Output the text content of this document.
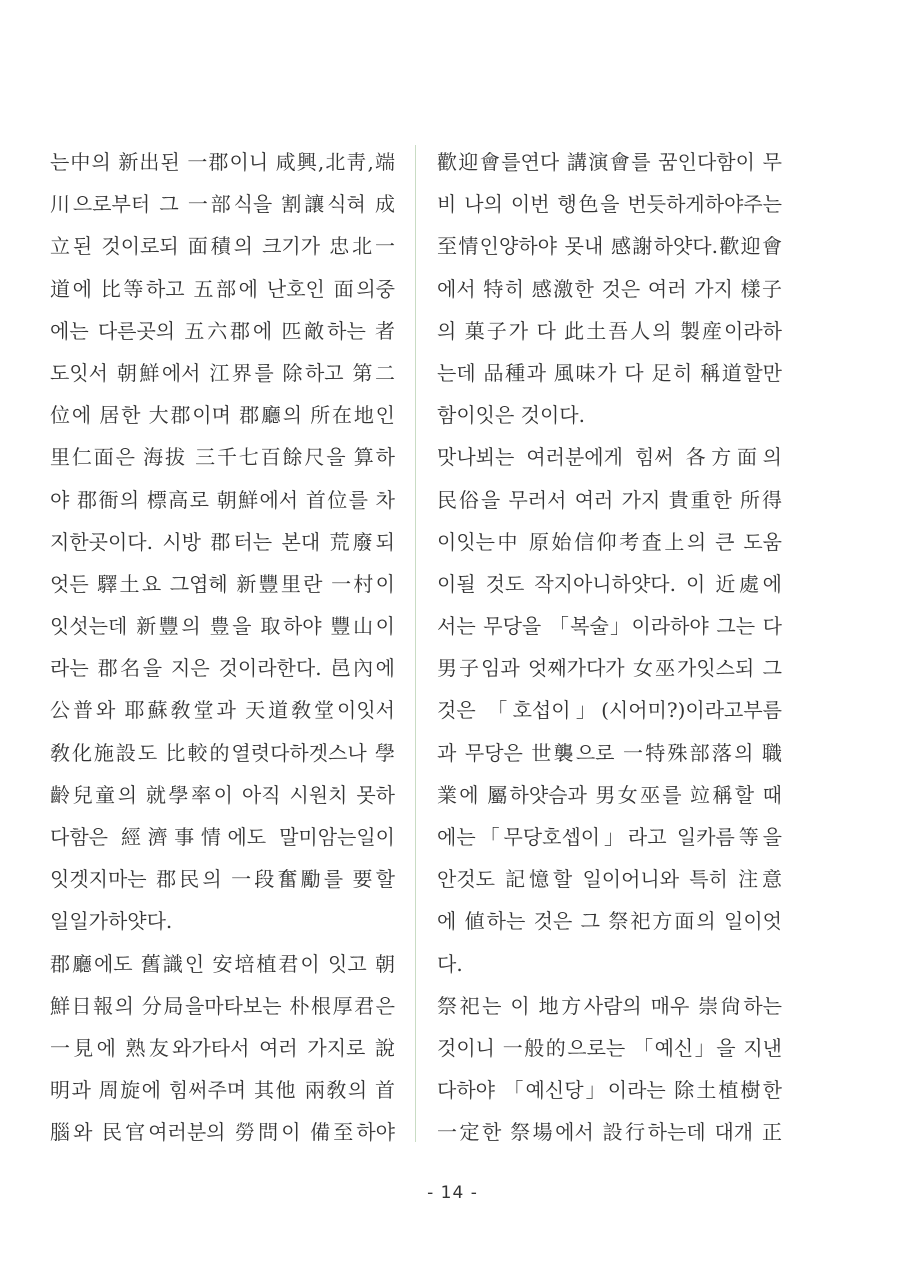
는中의 新出된 一郡이니 咸興,北靑,端
川으로부터 그 一部식을 割讓식혀 成
立된 것이로되 面積의 크기가 忠北一
道에 比等하고 五部에 난호인 面의중
에는 다른곳의 五六郡에 匹敵하는 者
도잇서 朝鮮에서 江界를 除하고 第二
位에 居한 大郡이며 郡廳의 所在地인
里仁面은 海拔 三千七百餘尺을 算하
야 郡衙의 標高로 朝鮮에서 首位를 차
지한곳이다. 시방 郡터는 본대 荒廢되
엇든 驛土요 그엽헤 新豐里란 一村이
잇섯는데 新豐의 豊을 取하야 豐山이
라는 郡名을 지은 것이라한다. 邑內에
公普와 耶蘇敎堂과 天道敎堂이잇서
敎化施設도 比較的열렷다하겟스나 學
齡兒童의 就學率이 아직 시원치 못하
다함은 經濟事情에도 말미암는일이
잇겟지마는 郡民의 一段奮勵를 要할
일일가하얏다.
郡廳에도 舊識인 安培植君이 잇고 朝
鮮日報의 分局을마타보는 朴根厚君은
一見에 熟友와가타서 여러 가지로 說
明과 周旋에 힘써주며 其他 兩敎의 首
腦와 民官여러분의 勞問이 備至하야
歡迎會를연다 講演會를 꿈인다함이 무
비 나의 이번 행色을 번듯하게하야주는
至情인양하야 못내 感謝하얏다.歡迎會
에서 特히 感激한 것은 여러 가지 樣子
의 菓子가 다 此土吾人의 製産이라하
는데 品種과 風味가 다 足히 稱道할만
함이잇은 것이다.
맛나뵈는 여러분에게 힘써 各方面의
民俗을 무러서 여러 가지 貴重한 所得
이잇는中 原始信仰考査上의 큰 도움
이될 것도 작지아니하얏다. 이 近處에
서는 무당을 「복술」이라하야 그는 다
男子임과 엇째가다가 女巫가잇스되 그
것은 「호섭이」(시어미?)이라고부름
과 무당은 世襲으로 一特殊部落의 職
業에 屬하얏슴과 男女巫를 竝稱할 때
에는「무당호셉이」라고 일카름等을
안것도 記憶할 일이어니와 특히 注意
에 値하는 것은 그 祭祀方面의 일이엇
다.
祭祀는 이 地方사람의 매우 崇尙하는
것이니 一般的으로는 「예신」을 지낸
다하야 「예신당」이라는 除土植樹한
一定한 祭場에서 設行하는데 대개 正
- 14 -
